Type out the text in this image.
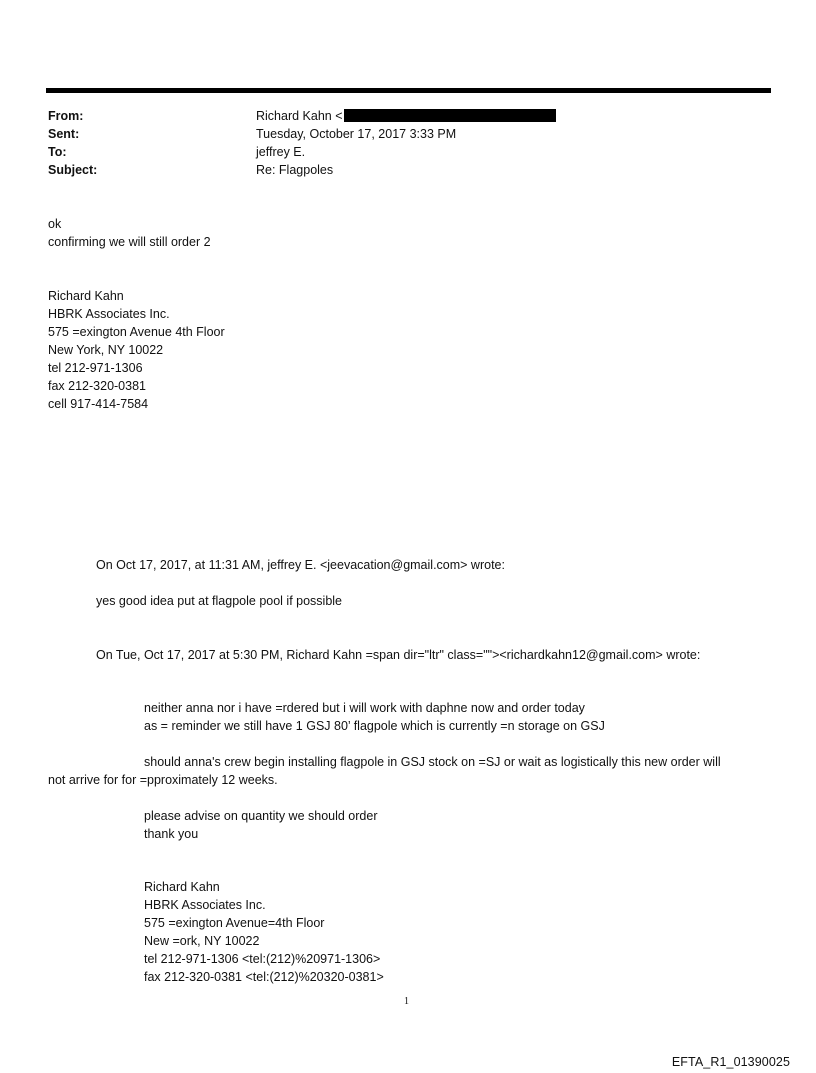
From:	Richard Kahn <
Sent:	Tuesday, October 17, 2017 3:33 PM
To:	jeffrey E.
Subject:	Re: Flagpoles
ok
confirming we will still order 2
Richard Kahn
HBRK Associates Inc.
575 =exington Avenue 4th Floor
New York, NY 10022
tel 212-971-1306
fax 212-320-0381
cell 917-414-7584
On Oct 17, 2017, at 11:31 AM, jeffrey E. <jeevacation@gmail.com> wrote:
yes good idea put at flagpole pool if possible
On Tue, Oct 17, 2017 at 5:30 PM, Richard Kahn =span dir="ltr" class=""><richardkahn12@gmail.com> wrote:
neither anna nor i have =rdered but i will work with daphne now and order today
as = reminder we still have 1 GSJ 80’ flagpole which is currently =n storage on GSJ
should anna's crew begin installing flagpole in GSJ stock on =SJ or wait as logistically this new order will
not arrive for for =pproximately 12 weeks.
please advise on quantity we should order
thank you
Richard Kahn
HBRK Associates Inc.
575 =exington Avenue=4th Floor
New =ork, NY 10022
tel 212-971-1306 <tel:(212)%20971-1306>
fax 212-320-0381 <tel:(212)%20320-0381>
1
EFTA_R1_01390025
